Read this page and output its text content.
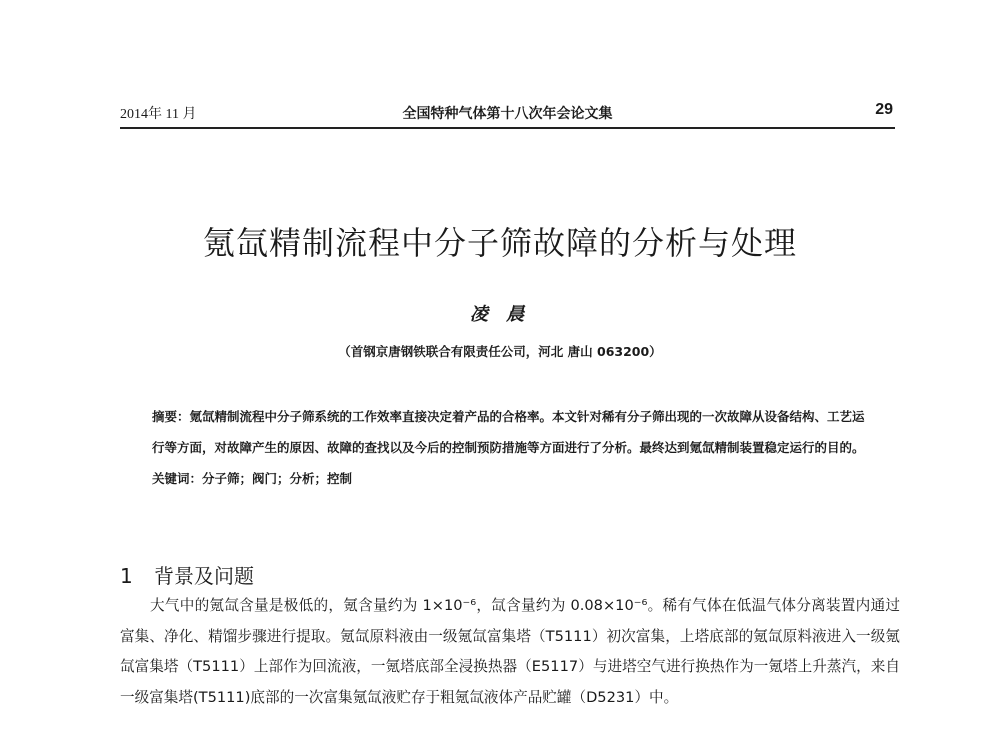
2014年 11 月	全国特种气体第十八次年会论文集	29
氪氙精制流程中分子筛故障的分析与处理
凌 晨
（首钢京唐钢铁联合有限责任公司，河北 唐山 063200）

摘要：氪氙精制流程中分子筛系统的工作效率直接决定着产品的合格率。本文针对稀有分子筛出现的一次故障从设备结构、工艺运行等方面，对故障产生的原因、故障的查找以及今后的控制预防措施等方面进行了分析。最终达到氪氙精制装置稳定运行的目的。

关键词：分子筛；阀门；分析；控制

1 背景及问题

大气中的氪氙含量是极低的，氪含量约为 1×10⁻⁶，氙含量约为 0.08×10⁻⁶。稀有气体在低温气体分离装置内通过富集、净化、精馏步骤进行提取。氪氙原料液由一级氪氙富集塔（T5111）初次富集，上塔底部的氪氙原料液进入一级氪氙富集塔（T5111）上部作为回流液，一氪塔底部全浸换热器（E5117）与进塔空气进行换热作为一氪塔上升蒸汽，来自一级富集塔(T5111)底部的一次富集氪氙液贮存于粗氪氙液体产品贮罐（D5231）中。
